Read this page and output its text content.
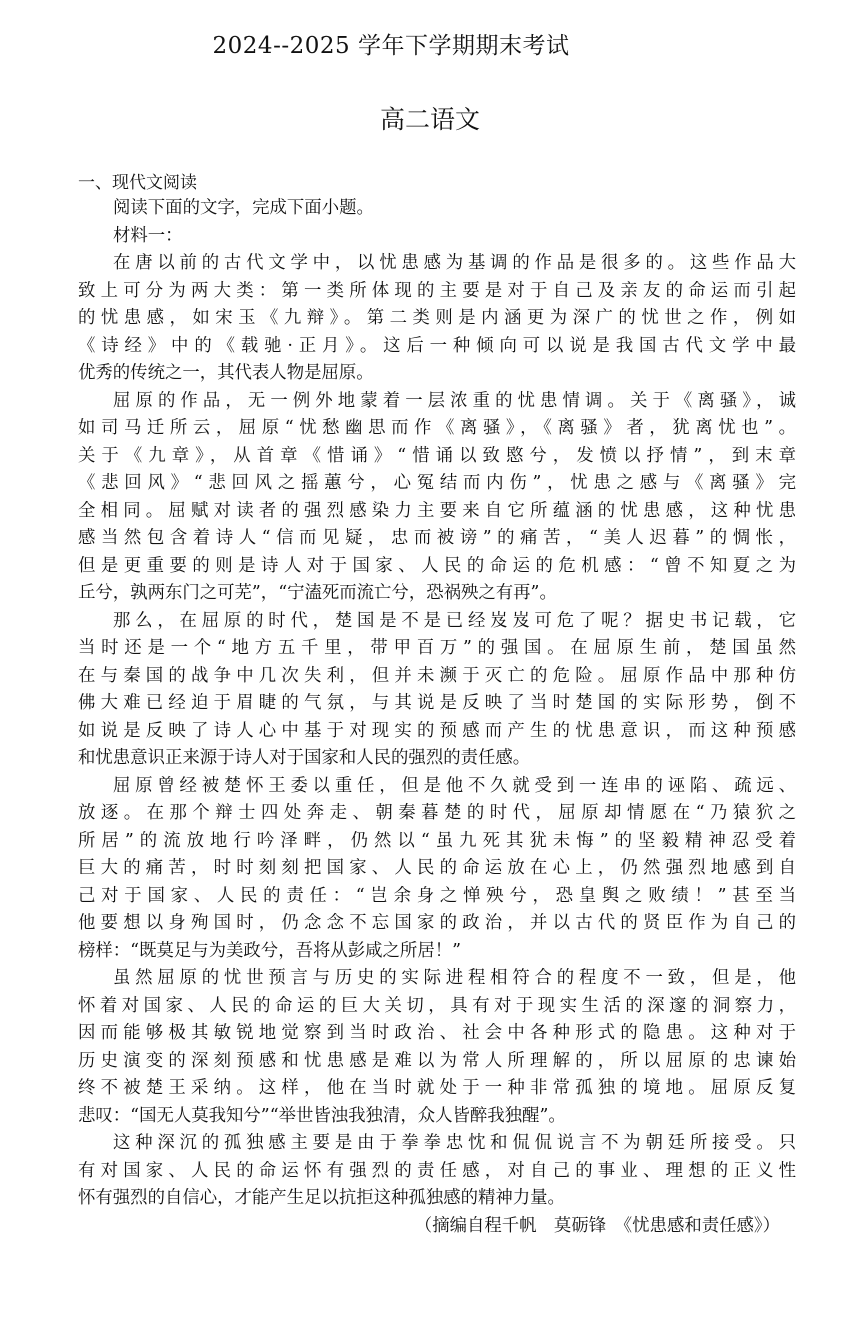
2024--2025 学年下学期期末考试
高二语文

一、现代文阅读

阅读下面的文字，完成下面小题。
材料一：
在唐以前的古代文学中，以忧患感为基调的作品是很多的。这些作品大
致上可分为两大类：第一类所体现的主要是对于自己及亲友的命运而引起
的忧患感，如宋玉《九辩》。第二类则是内涵更为深广的忧世之作，例如
《诗经》中的《载驰·正月》。这后一种倾向可以说是我国古代文学中最
优秀的传统之一，其代表人物是屈原。
屈原的作品，无一例外地蒙着一层浓重的忧患情调。关于《离骚》，诚
如司马迁所云，屈原“忧愁幽思而作《离骚》，《离骚》者，犹离忧也”。
关于《九章》，从首章《惜诵》“惜诵以致愍兮，发愤以抒情”，到末章
《悲回风》“悲回风之摇蕙兮，心冤结而内伤”，忧患之感与《离骚》完
全相同。屈赋对读者的强烈感染力主要来自它所蕴涵的忧患感，这种忧患
感当然包含着诗人“信而见疑，忠而被谤”的痛苦，“美人迟暮”的惆怅，
但是更重要的则是诗人对于国家、人民的命运的危机感：“曾不知夏之为
丘兮，孰两东门之可芜”，“宁溘死而流亡兮，恐祸殃之有再”。
那么，在屈原的时代，楚国是不是已经岌岌可危了呢？据史书记载，它
当时还是一个“地方五千里，带甲百万”的强国。在屈原生前，楚国虽然
在与秦国的战争中几次失利，但并未濒于灭亡的危险。屈原作品中那种仿
佛大难已经迫于眉睫的气氛，与其说是反映了当时楚国的实际形势，倒不
如说是反映了诗人心中基于对现实的预感而产生的忧患意识，而这种预感
和忧患意识正来源于诗人对于国家和人民的强烈的责任感。
屈原曾经被楚怀王委以重任，但是他不久就受到一连串的诬陷、疏远、
放逐。在那个辩士四处奔走、朝秦暮楚的时代，屈原却情愿在“乃猿狖之
所居”的流放地行吟泽畔，仍然以“虽九死其犹未悔”的坚毅精神忍受着
巨大的痛苦，时时刻刻把国家、人民的命运放在心上，仍然强烈地感到自
己对于国家、人民的责任：“岂余身之惮殃兮，恐皇舆之败绩！”甚至当
他要想以身殉国时，仍念念不忘国家的政治，并以古代的贤臣作为自己的
榜样：“既莫足与为美政兮，吾将从彭咸之所居！”
虽然屈原的忧世预言与历史的实际进程相符合的程度不一致，但是，他
怀着对国家、人民的命运的巨大关切，具有对于现实生活的深邃的洞察力，
因而能够极其敏锐地觉察到当时政治、社会中各种形式的隐患。这种对于
历史演变的深刻预感和忧患感是难以为常人所理解的，所以屈原的忠谏始
终不被楚王采纳。这样，他在当时就处于一种非常孤独的境地。屈原反复
悲叹：“国无人莫我知兮”“举世皆浊我独清，众人皆醉我独醒”。
这种深沉的孤独感主要是由于拳拳忠忱和侃侃说言不为朝廷所接受。只
有对国家、人民的命运怀有强烈的责任感，对自己的事业、理想的正义性
怀有强烈的自信心，才能产生足以抗拒这种孤独感的精神力量。
（摘编自程千帆　莫砺锋　《忧患感和责任感》）
